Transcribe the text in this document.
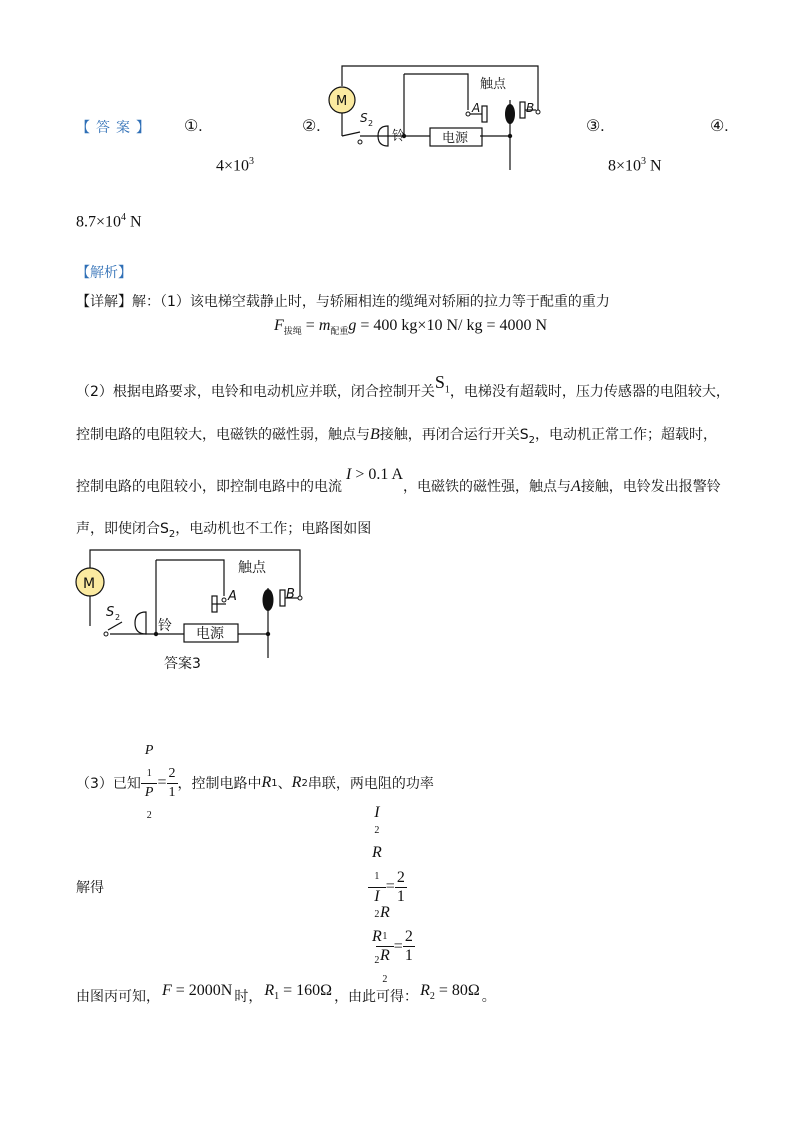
【答案】 ①.
$4\times 10^3$
②.	③.
$8\times 10^3$ N
④.
$8.7\times 10^4$ N
M
S 2
铃
触点
A	B
电源
【解析】
【详解】解：（1）该电梯空载静止时，与轿厢相连的缆绳对轿厢的拉力等于配重的重力
$F_{拔绳} = m_{配重}g = 400$ kg×10 N/ kg = 4000 N
（2）根据电路要求，电铃和电动机应并联，闭合控制开关$S_1$，电梯没有超载时，压力传感器的电阻较大，
控制电路的电阻较大，电磁铁的磁性弱，触点与B接触，再闭合运行开关$S_2$，电动机正常工作；超载时，
控制电路的电阻较小，即控制电路中的电流I > 0.1 A，电磁铁的磁性强，触点与A接触，电铃发出报警铃
声，即使闭合$S_2$，电动机也不工作；电路图如图
M
S 2
铃
触点
A	B
电源
答案3
（3）已知 P
$_1$
P
$_2 = \frac{2}{1}$ ，控制电路中 R 1 、 R 2 串联，两电阻的功率
I
$^2$
R
$_1$
I
$^2$
R
$_2 = \frac{2}{1}$
解得
R
$_1$
R
$_2 = \frac{2}{1}$
由图丙可知， F = 2000N 时， $R_1 = 160\Omega$ ，由此可得： $R_2 = 80\Omega$ 。
